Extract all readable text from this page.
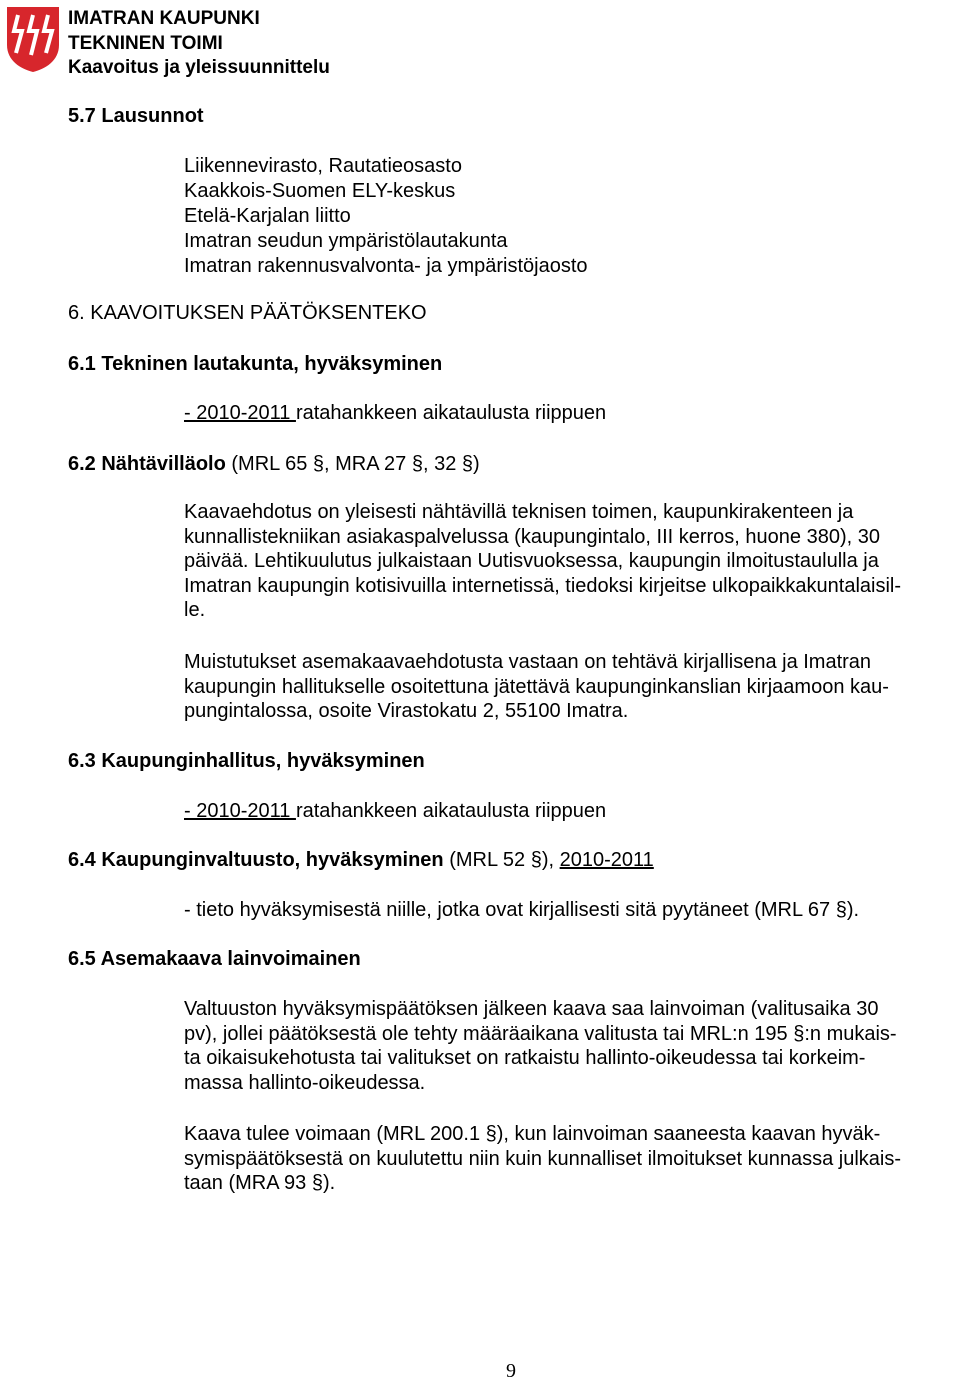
IMATRAN KAUPUNKI
TEKNINEN TOIMI
Kaavoitus ja yleissuunnittelu
5.7 Lausunnot
Liikennevirasto, Rautatieosasto
Kaakkois-Suomen ELY-keskus
Etelä-Karjalan liitto
Imatran seudun ympäristölautakunta
Imatran rakennusvalvonta- ja ympäristöjaosto
6. KAAVOITUKSEN PÄÄTÖKSENTEKO
6.1 Tekninen lautakunta, hyväksyminen
- 2010-2011 ratahankkeen aikataulusta riippuen
6.2 Nähtävilläolo (MRL 65 §, MRA 27 §, 32 §)
Kaavaehdotus on yleisesti nähtävillä teknisen toimen, kaupunkirakenteen ja
kunnallistekniikan asiakaspalvelussa (kaupungintalo, III kerros, huone 380), 30
päivää. Lehtikuulutus julkaistaan Uutisvuoksessa, kaupungin ilmoitustaululla ja
Imatran kaupungin kotisivuilla internetissä, tiedoksi kirjeitse ulkopaikkakuntalaisil-
le.
Muistutukset asemakaavaehdotusta vastaan on tehtävä kirjallisena ja Imatran
kaupungin hallitukselle osoitettuna jätettävä kaupunginkanslian kirjaamoon kau-
pungintalossa, osoite Virastokatu 2, 55100 Imatra.
6.3 Kaupunginhallitus, hyväksyminen
- 2010-2011 ratahankkeen aikataulusta riippuen
6.4 Kaupunginvaltuusto, hyväksyminen (MRL 52 §), 2010-2011
- tieto hyväksymisestä niille, jotka ovat kirjallisesti sitä pyytäneet (MRL 67 §).
6.5 Asemakaava lainvoimainen
Valtuuston hyväksymispäätöksen jälkeen kaava saa lainvoiman (valitusaika 30
pv), jollei päätöksestä ole tehty määräaikana valitusta tai MRL:n 195 §:n mukais-
ta oikaisukehotusta tai valitukset on ratkaistu hallinto-oikeudessa tai korkeim-
massa hallinto-oikeudessa.
Kaava tulee voimaan (MRL 200.1 §), kun lainvoiman saaneesta kaavan hyväk-
symispäätöksestä on kuulutettu niin kuin kunnalliset ilmoitukset kunnassa julkais-
taan (MRA 93 §).
9
